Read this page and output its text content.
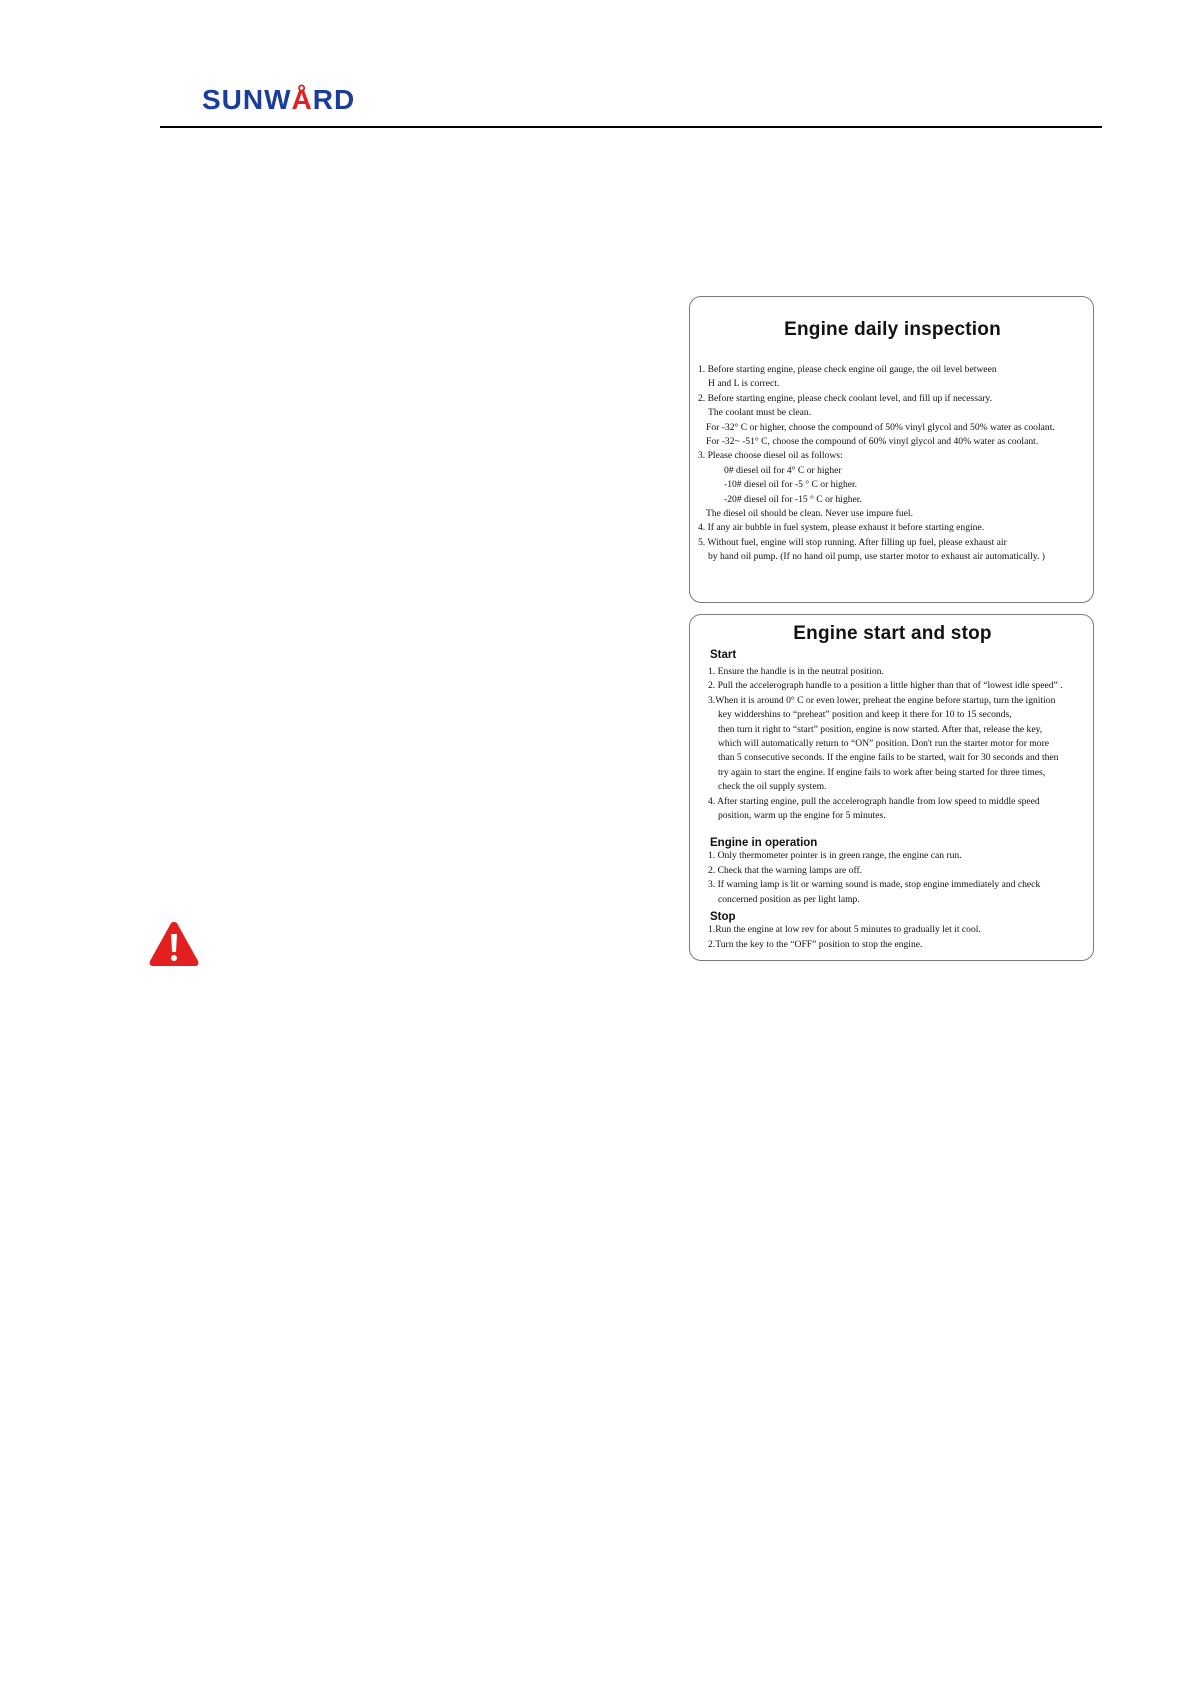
SUNWÅRD
Engine daily inspection

1. Before starting engine, please check engine oil gauge, the oil level between

H and L is correct.

2. Before starting engine, please check coolant level, and fill up if necessary.

The coolant must be clean.

For -32° C or higher, choose the compound of 50% vinyl glycol and 50% water as coolant.

For -32~ -51° C, choose the compound of 60% vinyl glycol and 40% water as coolant.

3. Please choose diesel oil as follows:

0# diesel oil for 4° C or higher

-10# diesel oil for -5 ° C or higher.

-20# diesel oil for -15 ° C or higher.

The diesel oil should be clean. Never use impure fuel.

4. If any air bubble in fuel system, please exhaust it before starting engine.

5. Without fuel, engine will stop running. After filling up fuel, please exhaust air

by hand oil pump. (If no hand oil pump, use starter motor to exhaust air automatically. )

Engine start and stop
Start

1. Ensure the handle is in the neutral position.

2. Pull the accelerograph handle to a position a little higher than that of “lowest idle speed” .

3.When it is around 0° C or even lower, preheat the engine before startup, turn the ignition

key widdershins to “preheat” position and keep it there for 10 to 15 seconds,

then turn it right to “start” position, engine is now started. After that, release the key,

which will automatically return to “ON” position. Don't run the starter motor for more

than 5 consecutive seconds. If the engine fails to be started, wait for 30 seconds and then

try again to start the engine. If engine fails to work after being started for three times,

check the oil supply system.

4. After starting engine, pull the accelerograph handle from low speed to middle speed

position, warm up the engine for 5 minutes.

Engine in operation

1. Only thermometer pointer is in green range, the engine can run.

2. Check that the warning lamps are off.

3. If warning lamp is lit or warning sound is made, stop engine immediately and check

concerned position as per light lamp.

Stop

1.Run the engine at low rev for about 5 minutes to gradually let it cool.

2.Turn the key to the “OFF” position to stop the engine.
